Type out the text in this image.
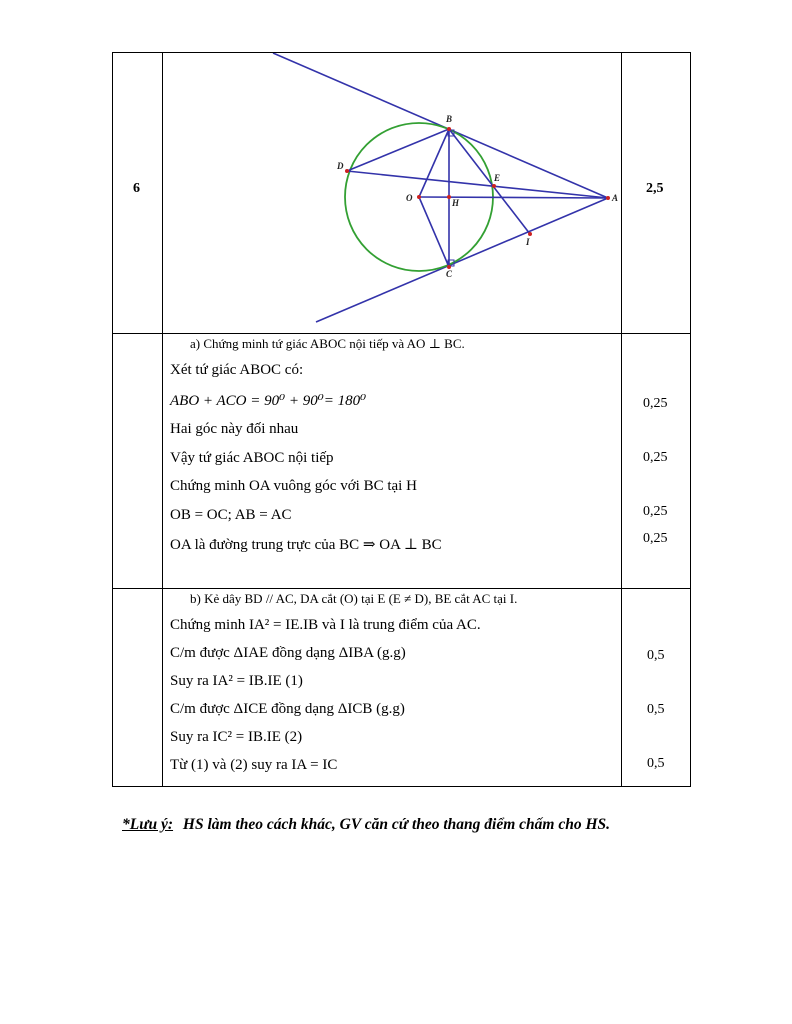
6	2,5
B
D
O	H
E
A
I
C
a) Chứng minh tứ giác ABOC nội tiếp và AO ⊥ BC.
Xét tứ giác ABOC có:
ABO + ACO = 90⁰ + 90⁰= 180⁰
Hai góc này đối nhau
Vậy tứ giác ABOC nội tiếp
Chứng minh OA vuông góc với BC tại H
OB = OC; AB = AC
OA là đường trung trực của BC ⇒ OA ⊥ BC
0,25
0,25
0,25
0,25
b) Kẻ dây BD // AC, DA cắt (O) tại E (E ≠ D), BE cắt AC tại I.
Chứng minh IA² = IE.IB và I là trung điểm của AC.
C/m được ΔIAE đồng dạng ΔIBA (g.g)
Suy ra IA² = IB.IE (1)
C/m được ΔICE đồng dạng ΔICB (g.g)
Suy ra IC² = IB.IE (2)
Từ (1) và (2) suy ra IA = IC
0,5
0,5
0,5
*Lưu ý: HS làm theo cách khác, GV căn cứ theo thang điểm chấm cho HS.
